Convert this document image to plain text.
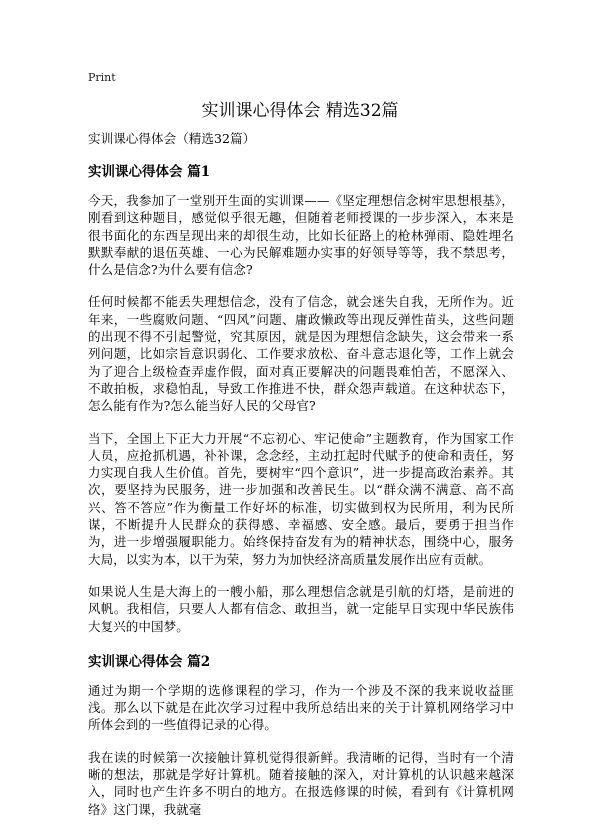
Print
实训课心得体会 精选32篇

实训课心得体会（精选32篇）

实训课心得体会 篇1

今天，我参加了一堂别开生面的实训课——《坚定理想信念树牢思想根基》，刚看到这种题目，感觉似乎很无趣，但随着老师授课的一步步深入，本来是很书面化的东西呈现出来的却很生动，比如长征路上的枪林弹雨、隐姓埋名默默奉献的退伍英雄、一心为民解难题办实事的好领导等等，我不禁思考，什么是信念?为什么要有信念?

任何时候都不能丢失理想信念，没有了信念，就会迷失自我，无所作为。近年来，一些腐败问题、“四风”问题、庸政懒政等出现反弹性苗头，这些问题的出现不得不引起警觉，究其原因，就是因为理想信念缺失，这会带来一系列问题，比如宗旨意识弱化、工作要求放松、奋斗意志退化等，工作上就会为了迎合上级检查弄虚作假，面对真正要解决的问题畏难怕苦，不愿深入、不敢拍板，求稳怕乱，导致工作推进不快，群众怨声载道。在这种状态下，怎么能有作为?怎么能当好人民的父母官?

当下，全国上下正大力开展“不忘初心、牢记使命”主题教育，作为国家工作人员，应抢抓机遇，补补课，念念经，主动扛起时代赋予的使命和责任，努力实现自我人生价值。首先，要树牢“四个意识”，进一步提高政治素养。其次，要坚持为民服务，进一步加强和改善民生。以“群众满不满意、高不高兴、答不答应”作为衡量工作好坏的标准，切实做到权为民所用，利为民所谋，不断提升人民群众的获得感、幸福感、安全感。最后，要勇于担当作为，进一步增强履职能力。始终保持奋发有为的精神状态，围绕中心，服务大局，以实为本，以干为荣，努力为加快经济高质量发展作出应有贡献。

如果说人生是大海上的一艘小船，那么理想信念就是引航的灯塔，是前进的风帆。我相信，只要人人都有信念、敢担当，就一定能早日实现中华民族伟大复兴的中国梦。

实训课心得体会 篇2

通过为期一个学期的选修课程的学习，作为一个涉及不深的我来说收益匪浅。那么以下就是在此次学习过程中我所总结出来的关于计算机网络学习中所体会到的一些值得记录的心得。

我在读的时候第一次接触计算机觉得很新鲜。我清晰的记得，当时有一个清晰的想法，那就是学好计算机。随着接触的深入，对计算机的认识越来越深入，同时也产生许多不明白的地方。在报选修课的时候，看到有《计算机网络》这门课，我就毫
